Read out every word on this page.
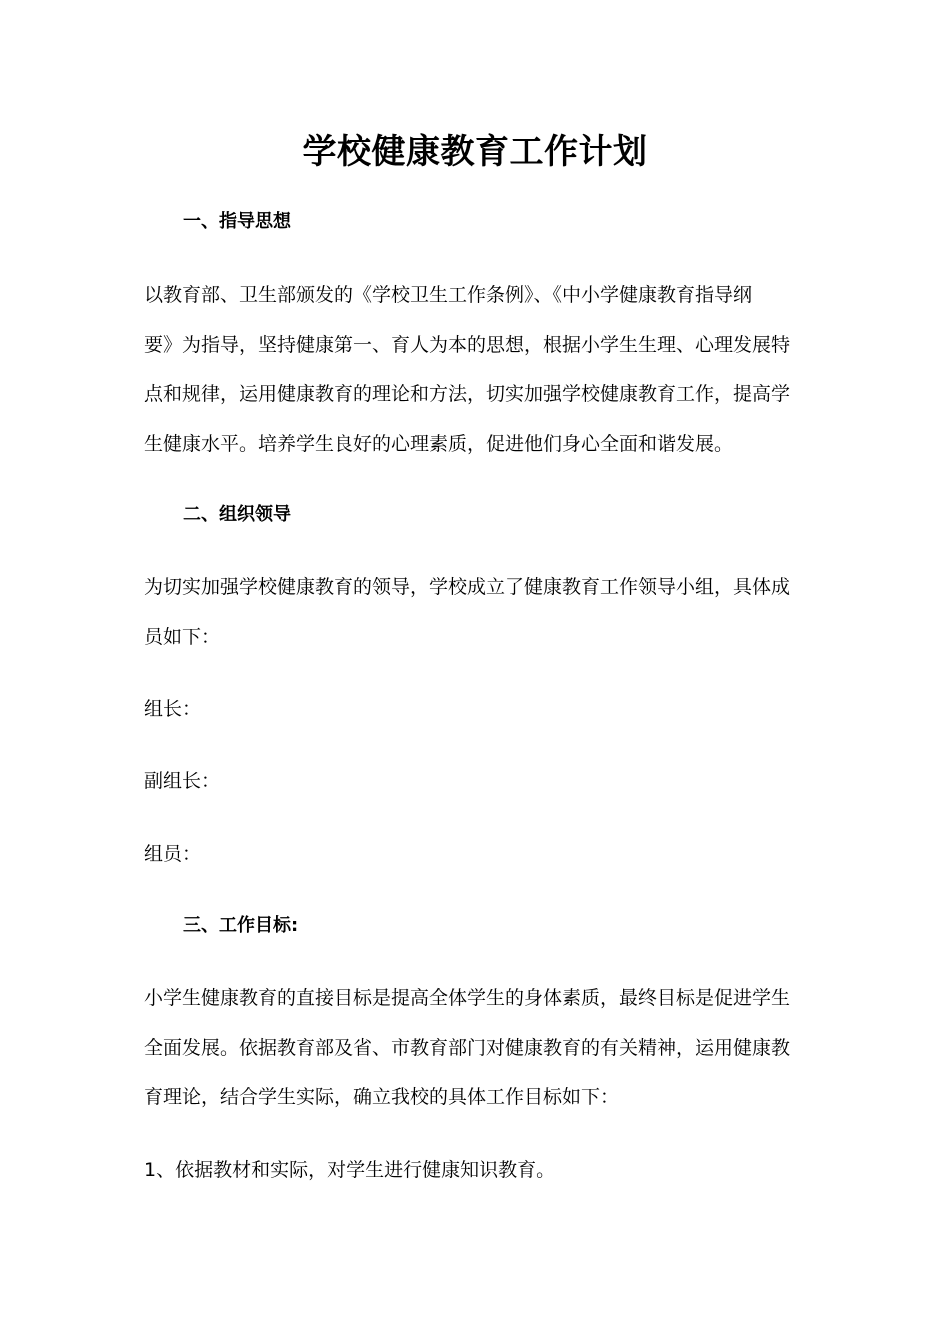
学校健康教育工作计划
一、指导思想
以教育部、卫生部颁发的《学校卫生工作条例》、《中小学健康教育指导纲
要》为指导，坚持健康第一、育人为本的思想，根据小学生生理、心理发展特
点和规律，运用健康教育的理论和方法，切实加强学校健康教育工作，提高学
生健康水平。培养学生良好的心理素质，促进他们身心全面和谐发展。
二、组织领导
为切实加强学校健康教育的领导，学校成立了健康教育工作领导小组，具体成
员如下：
组长：
副组长：
组员：
三、工作目标:
小学生健康教育的直接目标是提高全体学生的身体素质，最终目标是促进学生
全面发展。依据教育部及省、市教育部门对健康教育的有关精神，运用健康教
育理论，结合学生实际，确立我校的具体工作目标如下：
1、依据教材和实际，对学生进行健康知识教育。
